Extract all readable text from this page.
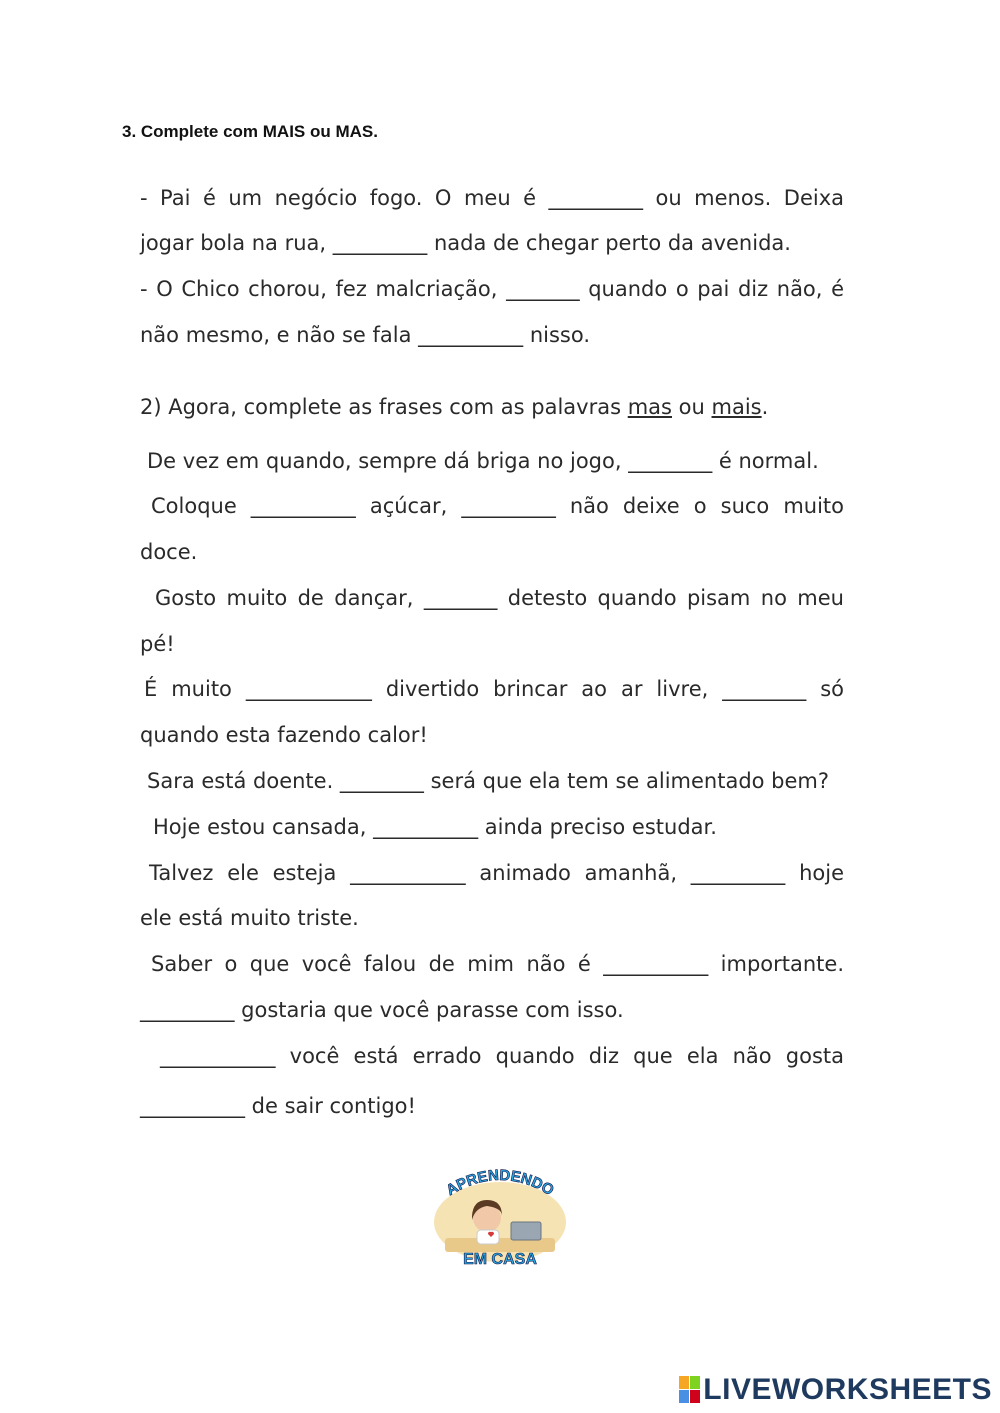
3. Complete com MAIS ou MAS.
- Pai é um negócio fogo. O meu é _________ ou menos. Deixa
jogar bola na rua, _________ nada de chegar perto da avenida.
- O Chico chorou, fez malcriação, _______ quando o pai diz não, é
não mesmo, e não se fala __________ nisso.
2) Agora, complete as frases com as palavras mas ou mais.
De vez em quando, sempre dá briga no jogo, ________ é normal.
Coloque __________ açúcar, _________ não deixe o suco muito
doce.
Gosto muito de dançar, _______ detesto quando pisam no meu
pé!
É muito ____________ divertido brincar ao ar livre, ________ só
quando esta fazendo calor!
Sara está doente. ________ será que ela tem se alimentado bem?
Hoje estou cansada, __________ ainda preciso estudar.
Talvez ele esteja ___________ animado amanhã, _________ hoje
ele está muito triste.
Saber o que você falou de mim não é __________ importante.
_________ gostaria que você parasse com isso.
___________ você está errado quando diz que ela não gosta
__________ de sair contigo!
APRENDENDO
EM CASA
LIVEWORKSHEETS
